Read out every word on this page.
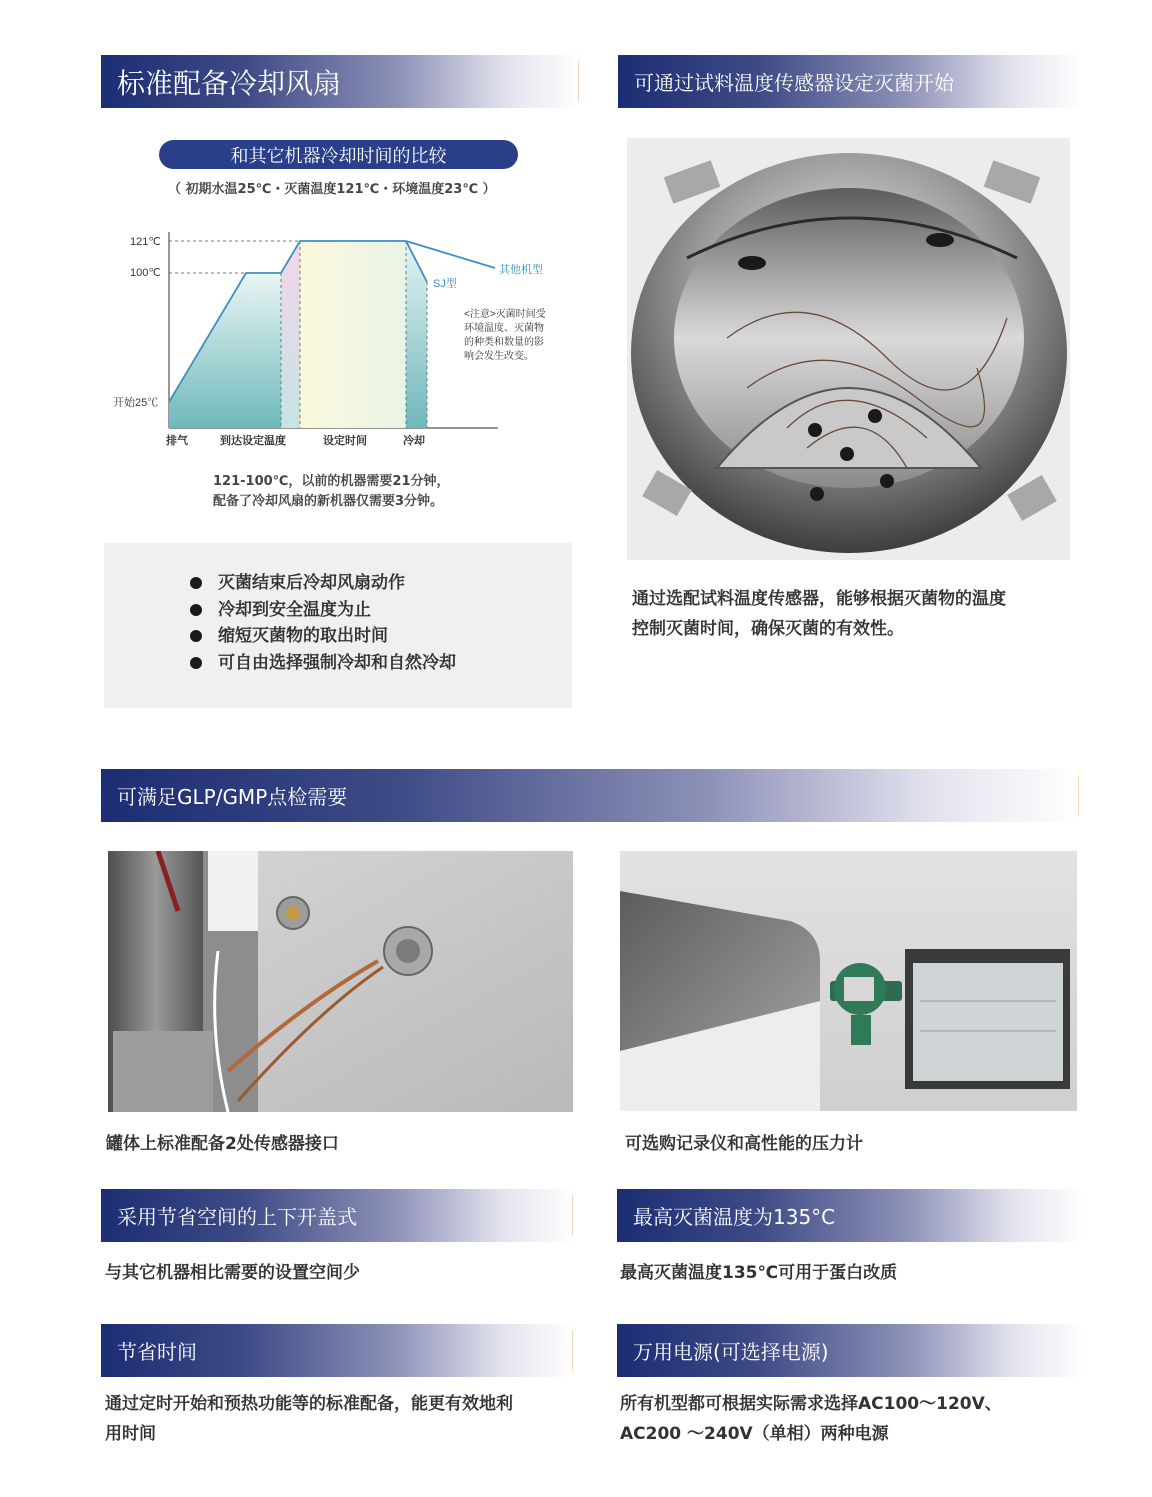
标准配备冷却风扇	可通过试料温度传感器设定灭菌开始
和其它机器冷却时间的比较
（ 初期水温25℃・灭菌温度121℃・环境温度23℃ ）
121℃
100℃
开始25℃
排气	到达设定温度	设定时间	冷却
其他机型
SJ型
<注意>灭菌时间受
环境温度、灭菌物
的种类和数量的影
响会发生改变。
121-100℃，以前的机器需要21分钟，
配备了冷却风扇的新机器仅需要3分钟。
灭菌结束后冷却风扇动作
冷却到安全温度为止
缩短灭菌物的取出时间
可自由选择强制冷却和自然冷却
通过选配试料温度传感器，能够根据灭菌物的温度
控制灭菌时间，确保灭菌的有效性。
可满足GLP/GMP点检需要
罐体上标准配备2处传感器接口	可选购记录仪和高性能的压力计
采用节省空间的上下开盖式
与其它机器相比需要的设置空间少
最高灭菌温度为135°C
最高灭菌温度135℃可用于蛋白改质
节省时间
通过定时开始和预热功能等的标准配备，能更有效地利
用时间
万用电源(可选择电源)
所有机型都可根据实际需求选择AC100～120V、
AC200 ～240V（单相）两种电源
